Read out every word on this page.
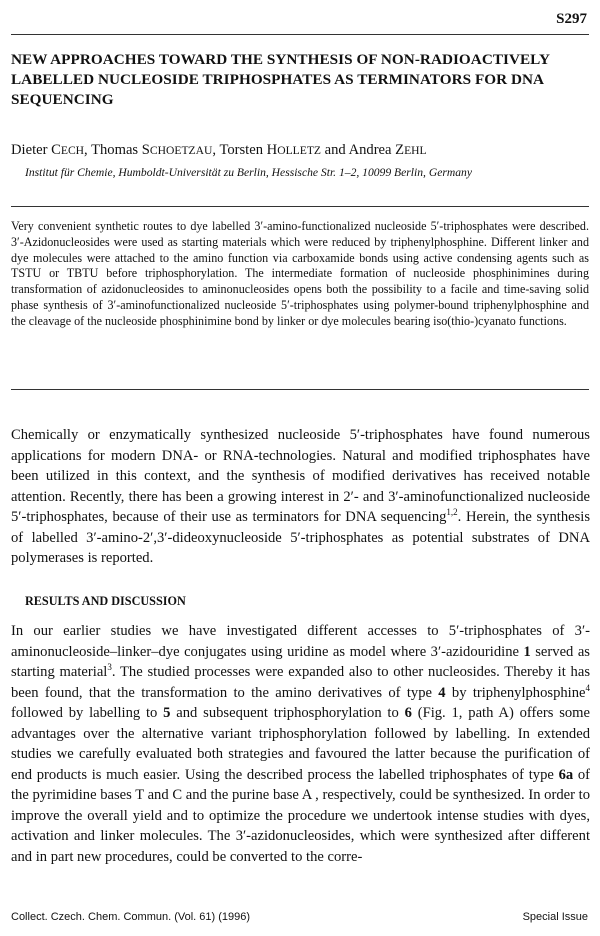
S297
NEW APPROACHES TOWARD THE SYNTHESIS OF NON-RADIOACTIVELY LABELLED NUCLEOSIDE TRIPHOSPHATES AS TERMINATORS FOR DNA SEQUENCING
Dieter CECH, Thomas SCHOETZAU, Torsten HOLLETZ and Andrea ZEHL
Institut für Chemie, Humboldt-Universität zu Berlin, Hessische Str. 1–2, 10099 Berlin, Germany
Very convenient synthetic routes to dye labelled 3′-amino-functionalized nucleoside 5′-triphosphates were described. 3′-Azidonucleosides were used as starting materials which were reduced by triphenylphosphine. Different linker and dye molecules were attached to the amino function via carboxamide bonds using active condensing agents such as TSTU or TBTU before triphosphorylation. The intermediate formation of nucleoside phosphinimines during transformation of azidonucleosides to aminonucleosides opens both the possibility to a facile and time-saving solid phase synthesis of 3′-aminofunctionalized nucleoside 5′-triphosphates using polymer-bound triphenylphosphine and the cleavage of the nucleoside phosphinimine bond by linker or dye molecules bearing iso(thio-)cyanato functions.

Chemically or enzymatically synthesized nucleoside 5′-triphosphates have found numerous applications for modern DNA- or RNA-technologies. Natural and modified triphosphates have been utilized in this context, and the synthesis of modified derivatives has received notable attention. Recently, there has been a growing interest in 2′- and 3′-aminofunctionalized nucleoside 5′-triphosphates, because of their use as terminators for DNA sequencing$^{1,2}$. Herein, the synthesis of labelled 3′-amino-2′,3′-dideoxynucleoside 5′-triphosphates as potential substrates of DNA polymerases is reported.

RESULTS AND DISCUSSION

In our earlier studies we have investigated different accesses to 5′-triphosphates of 3′-aminonucleoside–linker–dye conjugates using uridine as model where 3′-azidouridine 1 served as starting material$^3$. The studied processes were expanded also to other nucleosides. Thereby it has been found, that the transformation to the amino derivatives of type 4 by triphenylphosphine$^4$ followed by labelling to 5 and subsequent triphosphorylation to 6 (Fig. 1, path A) offers some advantages over the alternative variant triphosphorylation followed by labelling. In extended studies we carefully evaluated both strategies and favoured the latter because the purification of end products is much easier. Using the described process the labelled triphosphates of type 6a of the pyrimidine bases T and C and the purine base A , respectively, could be synthesized. In order to improve the overall yield and to optimize the procedure we undertook intense studies with dyes, activation and linker molecules. The 3′-azidonucleosides, which were synthesized after different and in part new procedures, could be converted to the corre-

Collect. Czech. Chem. Commun. (Vol. 61) (1996)	Special Issue
